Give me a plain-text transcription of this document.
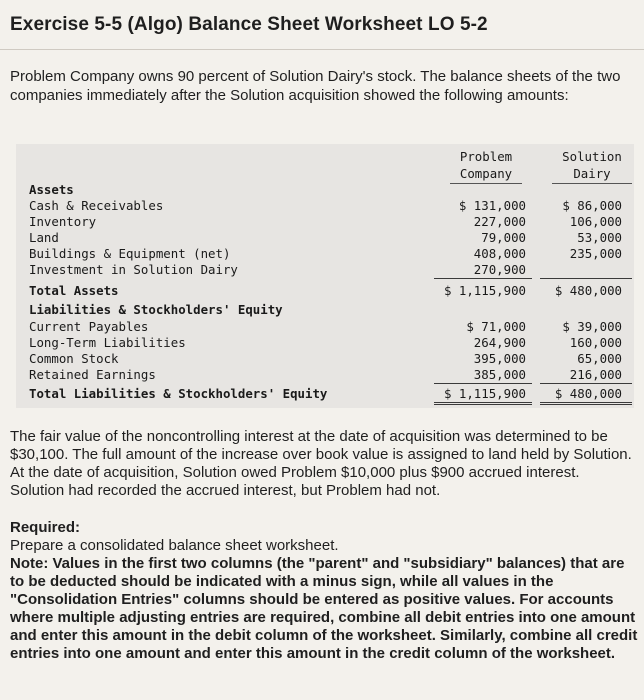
Exercise 5-5 (Algo) Balance Sheet Worksheet LO 5-2
Problem Company owns 90 percent of Solution Dairy's stock. The balance sheets of the two companies immediately after the Solution acquisition showed the following amounts:
Problem
Company
Solution
Dairy
Assets
Cash & Receivables	$ 131,000	$ 86,000
Inventory	227,000	106,000
Land	79,000	53,000
Buildings & Equipment (net)	408,000	235,000
Investment in Solution Dairy	270,900
Total Assets	$ 1,115,900 $ 480,000
Liabilities & Stockholders' Equity
Current Payables	$ 71,000	$ 39,000
Long-Term Liabilities	264,900	160,000
Common Stock	395,000	65,000
Retained Earnings	385,000	216,000
Total Liabilities & Stockholders' Equity	$ 1,115,900 $ 480,000
The fair value of the noncontrolling interest at the date of acquisition was determined to be $30,100. The full amount of the increase over book value is assigned to land held by Solution. At the date of acquisition, Solution owed Problem $10,000 plus $900 accrued interest. Solution had recorded the accrued interest, but Problem had not.
Required:
Prepare a consolidated balance sheet worksheet.
Note: Values in the first two columns (the "parent" and "subsidiary" balances) that are to be deducted should be indicated with a minus sign, while all values in the "Consolidation Entries" columns should be entered as positive values. For accounts where multiple adjusting entries are required, combine all debit entries into one amount and enter this amount in the debit column of the worksheet. Similarly, combine all credit entries into one amount and enter this amount in the credit column of the worksheet.
